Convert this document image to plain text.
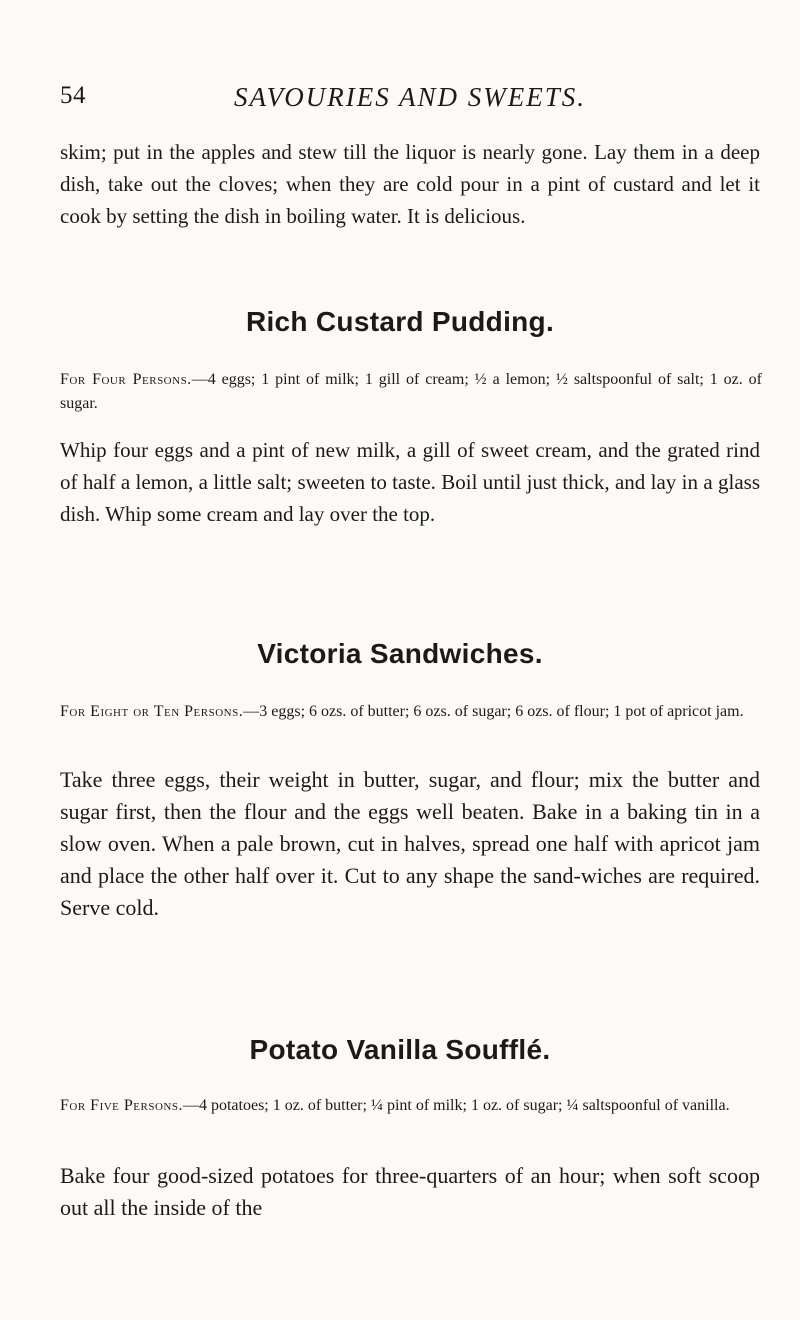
54	SAVOURIES AND SWEETS.

skim; put in the apples and stew till the liquor is nearly gone. Lay them in a deep dish, take out the cloves; when they are cold pour in a pint of custard and let it cook by setting the dish in boiling water. It is delicious.

Rich Custard Pudding.

For Four Persons.—4 eggs; 1 pint of milk; 1 gill of cream; ½ a lemon; ½ saltspoonful of salt; 1 oz. of sugar.

Whip four eggs and a pint of new milk, a gill of sweet cream, and the grated rind of half a lemon, a little salt; sweeten to taste. Boil until just thick, and lay in a glass dish. Whip some cream and lay over the top.

Victoria Sandwiches.

For Eight or Ten Persons.—3 eggs; 6 ozs. of butter; 6 ozs. of sugar; 6 ozs. of flour; 1 pot of apricot jam.

Take three eggs, their weight in butter, sugar, and flour; mix the butter and sugar first, then the flour and the eggs well beaten. Bake in a baking tin in a slow oven. When a pale brown, cut in halves, spread one half with apricot jam and place the other half over it. Cut to any shape the sand-wiches are required. Serve cold.

Potato Vanilla Soufflé.

For Five Persons.—4 potatoes; 1 oz. of butter; ¼ pint of milk; 1 oz. of sugar; ¼ saltspoonful of vanilla.

Bake four good-sized potatoes for three-quarters of an hour; when soft scoop out all the inside of the
